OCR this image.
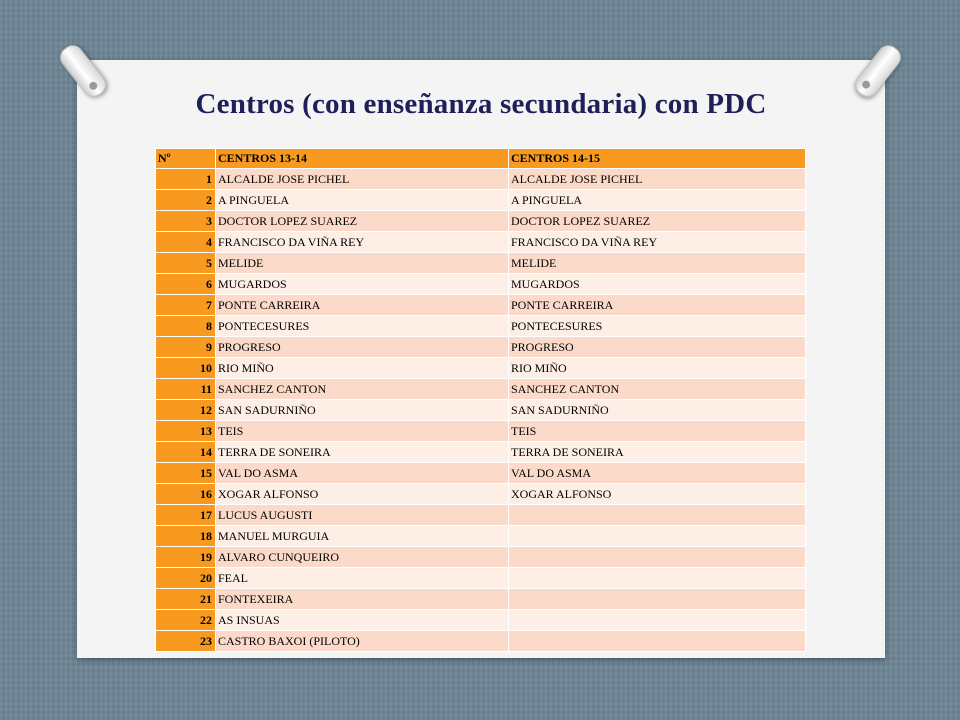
Centros (con enseñanza secundaria) con PDC
Nº	CENTROS 13-14	CENTROS 14-15
1	ALCALDE JOSE PICHEL	ALCALDE JOSE PICHEL
2	A PINGUELA	A PINGUELA
3	DOCTOR LOPEZ SUAREZ	DOCTOR LOPEZ SUAREZ
4	FRANCISCO DA VIÑA REY	FRANCISCO DA VIÑA REY
5	MELIDE	MELIDE
6	MUGARDOS	MUGARDOS
7	PONTE CARREIRA	PONTE CARREIRA
8	PONTECESURES	PONTECESURES
9	PROGRESO	PROGRESO
10	RIO MIÑO	RIO MIÑO
11	SANCHEZ CANTON	SANCHEZ CANTON
12	SAN SADURNIÑO	SAN SADURNIÑO
13	TEIS	TEIS
14	TERRA DE SONEIRA	TERRA DE SONEIRA
15	VAL DO ASMA	VAL DO ASMA
16	XOGAR ALFONSO	XOGAR ALFONSO
17	LUCUS AUGUSTI	
18	MANUEL MURGUIA	
19	ALVARO CUNQUEIRO	
20	FEAL	
21	FONTEXEIRA	
22	AS INSUAS	
23	CASTRO BAXOI (PILOTO)	
